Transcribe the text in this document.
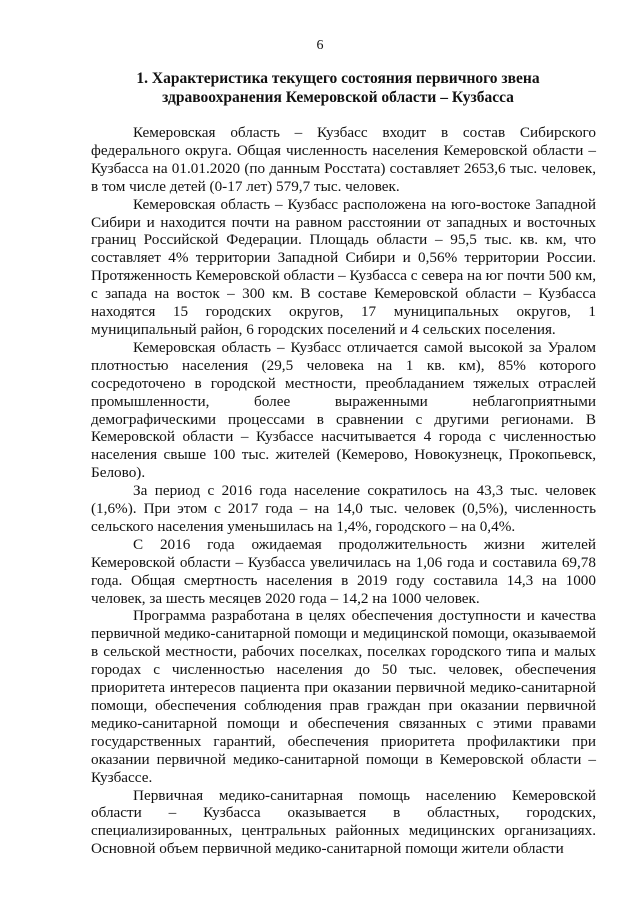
6
1. Характеристика текущего состояния первичного звена
здравоохранения Кемеровской области – Кузбасса

Кемеровская область – Кузбасс входит в состав Сибирского федерального округа. Общая численность населения Кемеровской области – Кузбасса на 01.01.2020 (по данным Росстата) составляет 2653,6 тыс. человек, в том числе детей (0-17 лет) 579,7 тыс. человек.

Кемеровская область – Кузбасс расположена на юго-востоке Западной Сибири и находится почти на равном расстоянии от западных и восточных границ Российской Федерации. Площадь области – 95,5 тыс. кв. км, что составляет 4% территории Западной Сибири и 0,56% территории России. Протяженность Кемеровской области – Кузбасса с севера на юг почти 500 км, с запада на восток – 300 км. В составе Кемеровской области – Кузбасса находятся 15 городских округов, 17 муниципальных округов, 1 муниципальный район, 6 городских поселений и 4 сельских поселения.

Кемеровская область – Кузбасс отличается самой высокой за Уралом плотностью населения (29,5 человека на 1 кв. км), 85% которого сосредоточено в городской местности, преобладанием тяжелых отраслей промышленности, более выраженными неблагоприятными демографическими процессами в сравнении с другими регионами. В Кемеровской области – Кузбассе насчитывается 4 города с численностью населения свыше 100 тыс. жителей (Кемерово, Новокузнецк, Прокопьевск, Белово).

За период с 2016 года население сократилось на 43,3 тыс. человек (1,6%). При этом с 2017 года – на 14,0 тыс. человек (0,5%), численность сельского населения уменьшилась на 1,4%, городского – на 0,4%.

С 2016 года ожидаемая продолжительность жизни жителей Кемеровской области – Кузбасса увеличилась на 1,06 года и составила 69,78 года. Общая смертность населения в 2019 году составила 14,3 на 1000 человек, за шесть месяцев 2020 года – 14,2 на 1000 человек.

Программа разработана в целях обеспечения доступности и качества первичной медико-санитарной помощи и медицинской помощи, оказываемой в сельской местности, рабочих поселках, поселках городского типа и малых городах с численностью населения до 50 тыс. человек, обеспечения приоритета интересов пациента при оказании первичной медико-санитарной помощи, обеспечения соблюдения прав граждан при оказании первичной медико-санитарной помощи и обеспечения связанных с этими правами государственных гарантий, обеспечения приоритета профилактики при оказании первичной медико-санитарной помощи в Кемеровской области – Кузбассе.

Первичная медико-санитарная помощь населению Кемеровской области – Кузбасса оказывается в областных, городских, специализированных, центральных районных медицинских организациях. Основной объем первичной медико-санитарной помощи жители области
